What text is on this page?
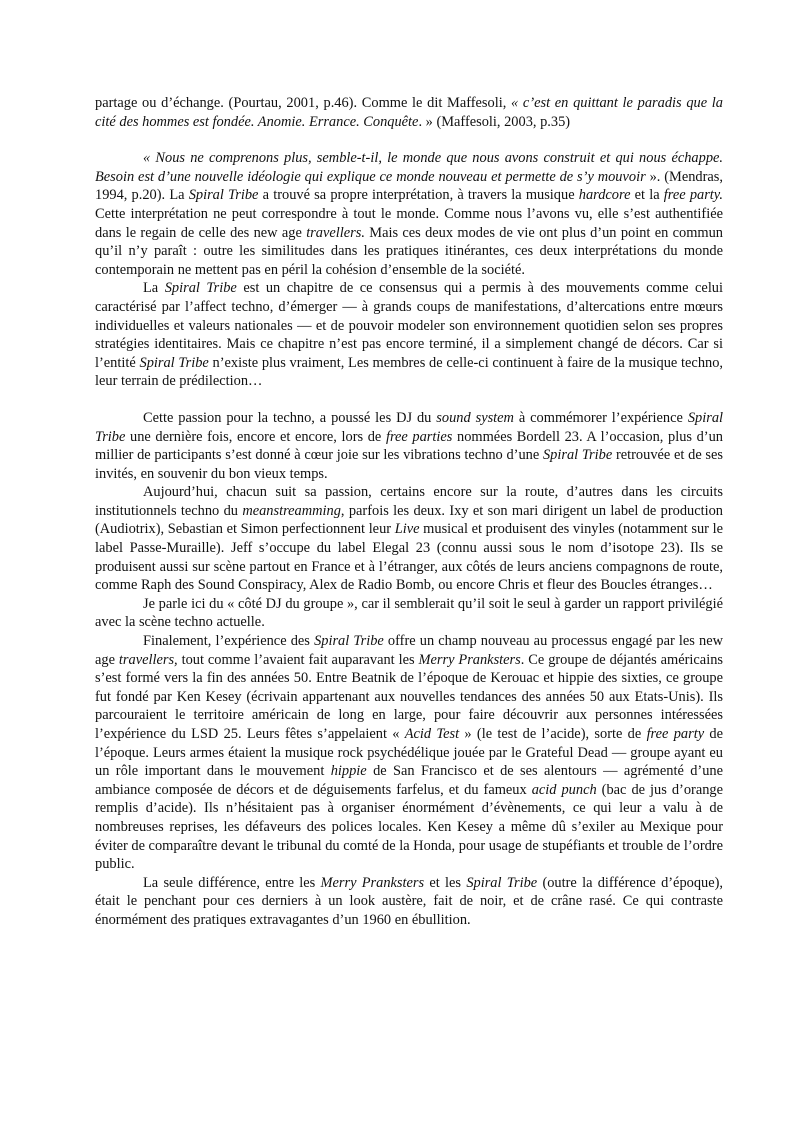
partage ou d’échange. (Pourtau, 2001, p.46). Comme le dit Maffesoli, « c’est en quittant le paradis que la cité des hommes est fondée. Anomie. Errance. Conquête. » (Maffesoli, 2003, p.35)

« Nous ne comprenons plus, semble-t-il, le monde que nous avons construit et qui nous échappe. Besoin est d’une nouvelle idéologie qui explique ce monde nouveau et permette de s’y mouvoir ». (Mendras, 1994, p.20). La Spiral Tribe a trouvé sa propre interprétation, à travers la musique hardcore et la free party. Cette interprétation ne peut correspondre à tout le monde. Comme nous l’avons vu, elle s’est authentifiée dans le regain de celle des new age travellers. Mais ces deux modes de vie ont plus d’un point en commun qu’il n’y paraît : outre les similitudes dans les pratiques itinérantes, ces deux interprétations du monde contemporain ne mettent pas en péril la cohésion d’ensemble de la société.

La Spiral Tribe est un chapitre de ce consensus qui a permis à des mouvements comme celui caractérisé par l’affect techno, d’émerger — à grands coups de manifestations, d’altercations entre mœurs individuelles et valeurs nationales — et de pouvoir modeler son environnement quotidien selon ses propres stratégies identitaires. Mais ce chapitre n’est pas encore terminé, il a simplement changé de décors. Car si l’entité Spiral Tribe n’existe plus vraiment, Les membres de celle-ci continuent à faire de la musique techno, leur terrain de prédilection…

Cette passion pour la techno, a poussé les DJ du sound system à commémorer l’expérience Spiral Tribe une dernière fois, encore et encore, lors de free parties nommées Bordell 23. A l’occasion, plus d’un millier de participants s’est donné à cœur joie sur les vibrations techno d’une Spiral Tribe retrouvée et de ses invités, en souvenir du bon vieux temps.

Aujourd’hui, chacun suit sa passion, certains encore sur la route, d’autres dans les circuits institutionnels techno du meanstreamming, parfois les deux. Ixy et son mari dirigent un label de production (Audiotrix), Sebastian et Simon perfectionnent leur Live musical et produisent des vinyles (notamment sur le label Passe-Muraille). Jeff s’occupe du label Elegal 23 (connu aussi sous le nom d’isotope 23). Ils se produisent aussi sur scène partout en France et à l’étranger, aux côtés de leurs anciens compagnons de route, comme Raph des Sound Conspiracy, Alex de Radio Bomb, ou encore Chris et fleur des Boucles étranges…

Je parle ici du « côté DJ du groupe », car il semblerait qu’il soit le seul à garder un rapport privilégié avec la scène techno actuelle.

Finalement, l’expérience des Spiral Tribe offre un champ nouveau au processus engagé par les new age travellers, tout comme l’avaient fait auparavant les Merry Pranksters. Ce groupe de déjantés américains s’est formé vers la fin des années 50. Entre Beatnik de l’époque de Kerouac et hippie des sixties, ce groupe fut fondé par Ken Kesey (écrivain appartenant aux nouvelles tendances des années 50 aux Etats-Unis). Ils parcouraient le territoire américain de long en large, pour faire découvrir aux personnes intéressées l’expérience du LSD 25. Leurs fêtes s’appelaient « Acid Test » (le test de l’acide), sorte de free party de l’époque. Leurs armes étaient la musique rock psychédélique jouée par le Grateful Dead — groupe ayant eu un rôle important dans le mouvement hippie de San Francisco et de ses alentours — agrémenté d’une ambiance composée de décors et de déguisements farfelus, et du fameux acid punch (bac de jus d’orange remplis d’acide). Ils n’hésitaient pas à organiser énormément d’évènements, ce qui leur a valu à de nombreuses reprises, les défaveurs des polices locales. Ken Kesey a même dû s’exiler au Mexique pour éviter de comparaître devant le tribunal du comté de la Honda, pour usage de stupéfiants et trouble de l’ordre public.

La seule différence, entre les Merry Pranksters et les Spiral Tribe (outre la différence d’époque), était le penchant pour ces derniers à un look austère, fait de noir, et de crâne rasé. Ce qui contraste énormément des pratiques extravagantes d’un 1960 en ébullition.
